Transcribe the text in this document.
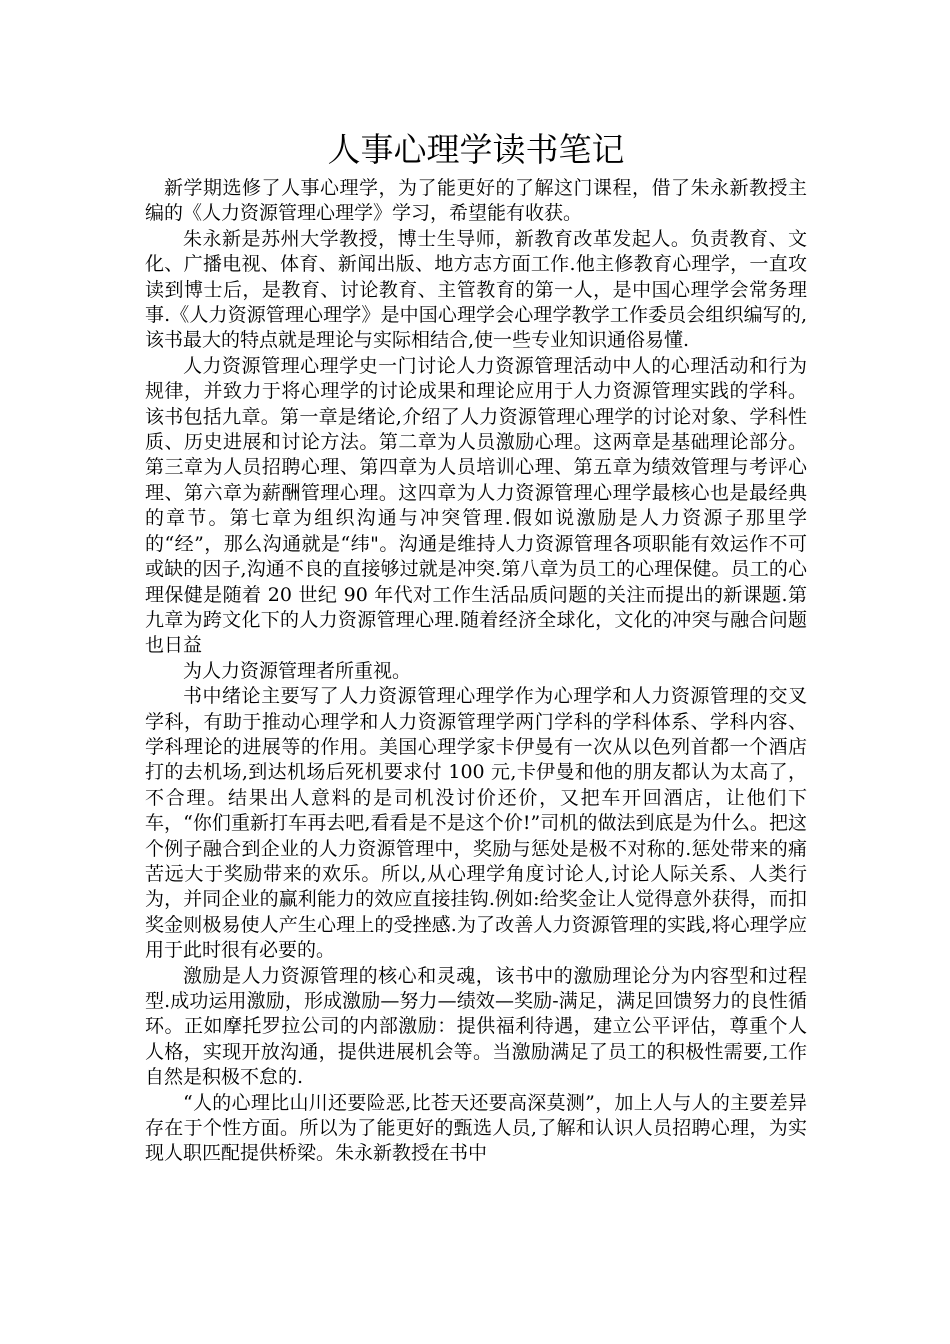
人事心理学读书笔记

新学期选修了人事心理学，为了能更好的了解这门课程，借了朱永新教授主编的《人力资源管理心理学》学习，希望能有收获。

朱永新是苏州大学教授，博士生导师，新教育改革发起人。负责教育、文化、广播电视、体育、新闻出版、地方志方面工作.他主修教育心理学，一直攻读到博士后，是教育、讨论教育、主管教育的第一人，是中国心理学会常务理事.《人力资源管理心理学》是中国心理学会心理学教学工作委员会组织编写的,该书最大的特点就是理论与实际相结合,使一些专业知识通俗易懂.

人力资源管理心理学史一门讨论人力资源管理活动中人的心理活动和行为规律，并致力于将心理学的讨论成果和理论应用于人力资源管理实践的学科。该书包括九章。第一章是绪论,介绍了人力资源管理心理学的讨论对象、学科性质、历史进展和讨论方法。第二章为人员激励心理。这两章是基础理论部分。第三章为人员招聘心理、第四章为人员培训心理、第五章为绩效管理与考评心理、第六章为薪酬管理心理。这四章为人力资源管理心理学最核心也是最经典的章节。第七章为组织沟通与冲突管理.假如说激励是人力资源子那里学的“经”，那么沟通就是“纬"。沟通是维持人力资源管理各项职能有效运作不可或缺的因子,沟通不良的直接够过就是冲突.第八章为员工的心理保健。员工的心理保健是随着 20 世纪 90 年代对工作生活品质问题的关注而提出的新课题.第九章为跨文化下的人力资源管理心理.随着经济全球化，文化的冲突与融合问题也日益

为人力资源管理者所重视。

书中绪论主要写了人力资源管理心理学作为心理学和人力资源管理的交叉学科，有助于推动心理学和人力资源管理学两门学科的学科体系、学科内容、学科理论的进展等的作用。美国心理学家卡伊曼有一次从以色列首都一个酒店打的去机场,到达机场后死机要求付 100 元,卡伊曼和他的朋友都认为太高了，不合理。结果出人意料的是司机没讨价还价，又把车开回酒店，让他们下车，“你们重新打车再去吧,看看是不是这个价!”司机的做法到底是为什么。把这个例子融合到企业的人力资源管理中，奖励与惩处是极不对称的.惩处带来的痛苦远大于奖励带来的欢乐。所以,从心理学角度讨论人,讨论人际关系、人类行为，并同企业的赢利能力的效应直接挂钩.例如:给奖金让人觉得意外获得，而扣奖金则极易使人产生心理上的受挫感.为了改善人力资源管理的实践,将心理学应用于此时很有必要的。

激励是人力资源管理的核心和灵魂，该书中的激励理论分为内容型和过程型.成功运用激励，形成激励—努力—绩效—奖励-满足，满足回馈努力的良性循环。正如摩托罗拉公司的内部激励：提供福利待遇，建立公平评估，尊重个人人格，实现开放沟通，提供进展机会等。当激励满足了员工的积极性需要,工作自然是积极不怠的.

“人的心理比山川还要险恶,比苍天还要高深莫测”，加上人与人的主要差异存在于个性方面。所以为了能更好的甄选人员,了解和认识人员招聘心理，为实现人职匹配提供桥梁。朱永新教授在书中
